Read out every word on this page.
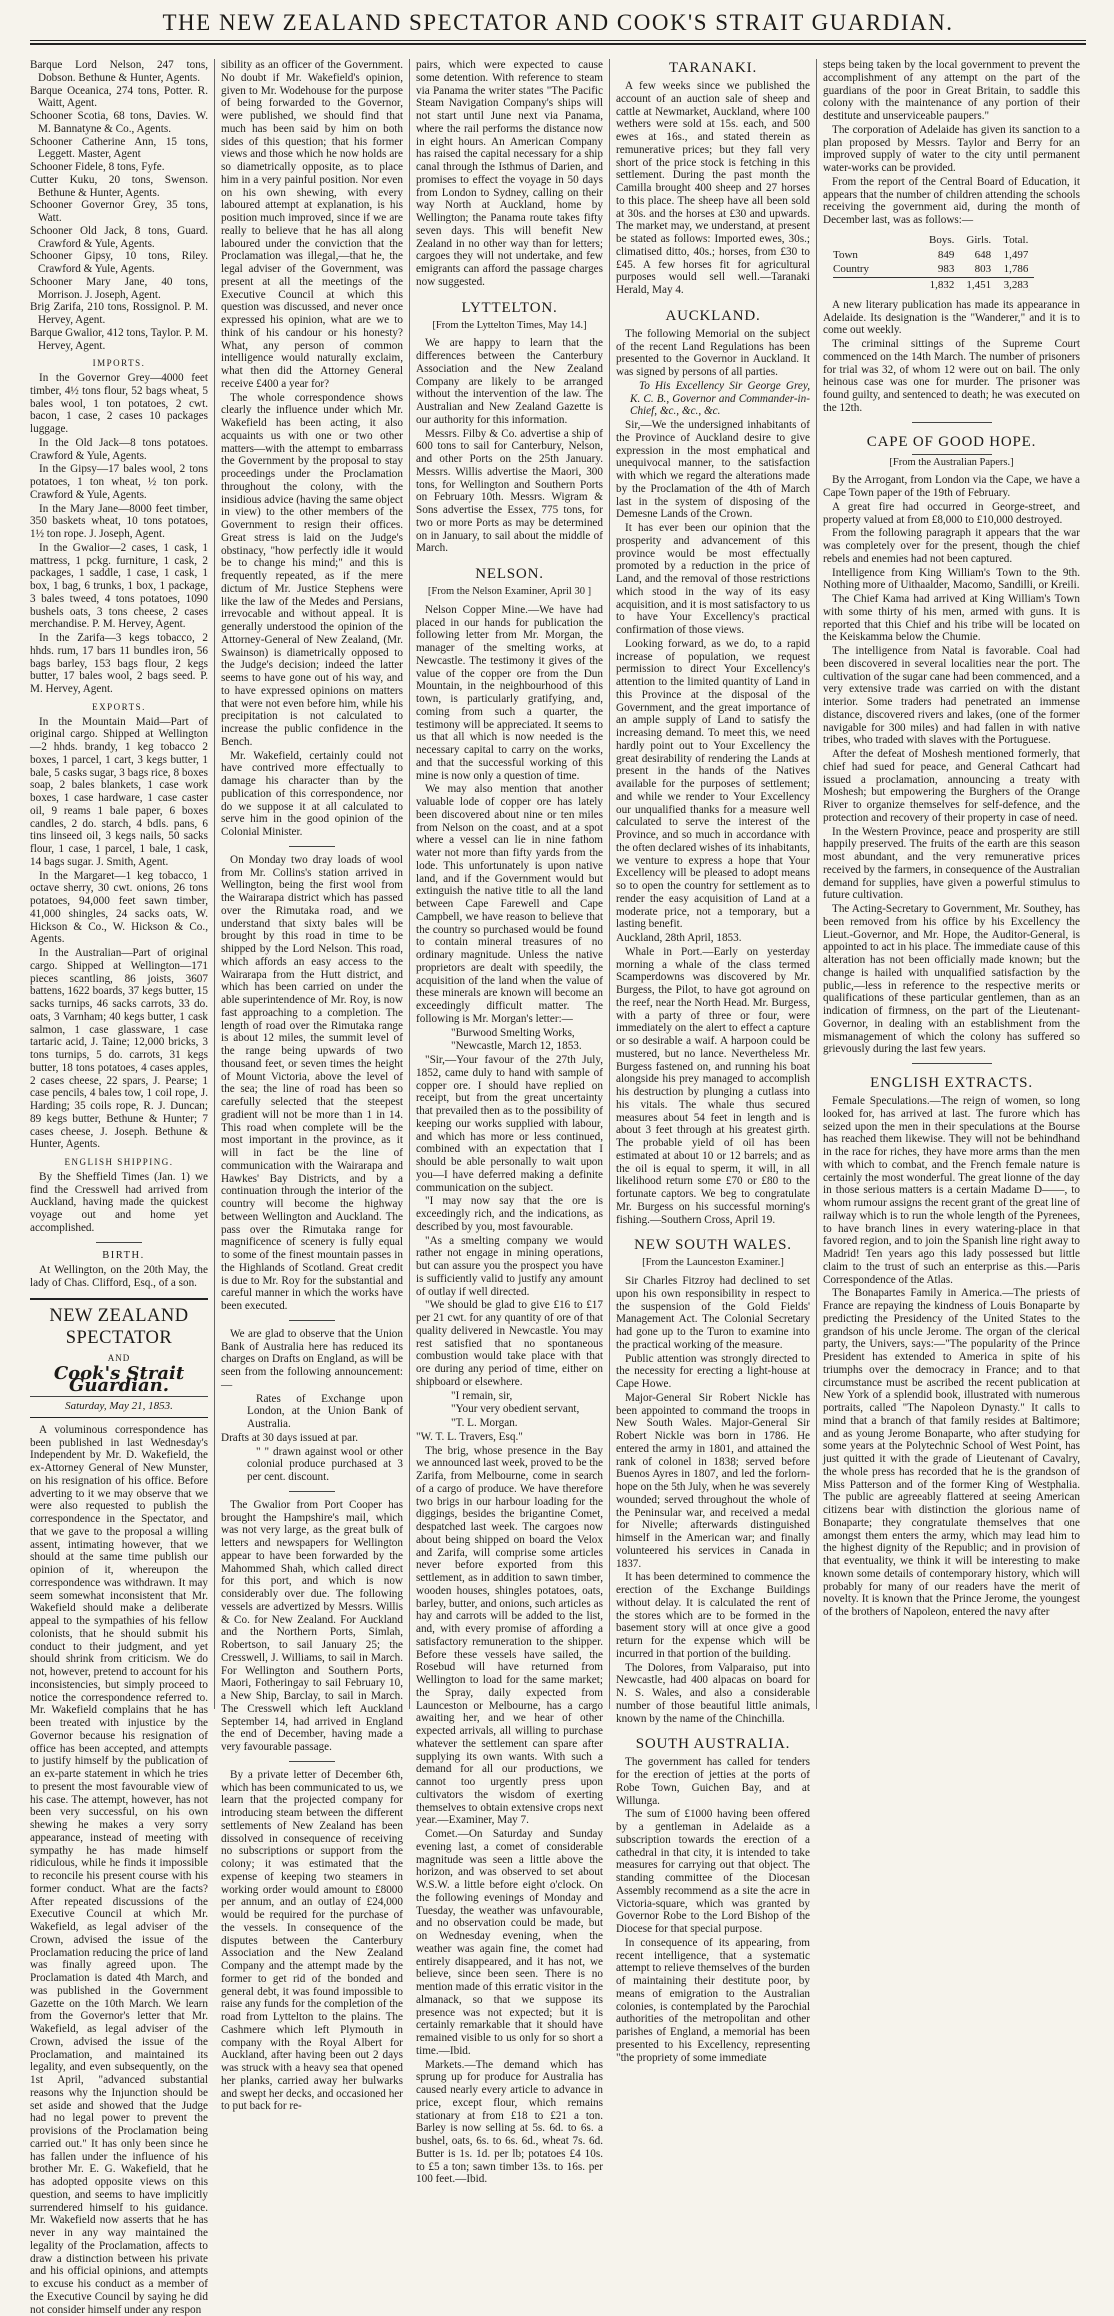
THE NEW ZEALAND SPECTATOR AND COOK'S STRAIT GUARDIAN.

Barque Lord Nelson, 247 tons, Dobson. Bethune & Hunter, Agents.

Barque Oceanica, 274 tons, Potter. R. Waitt, Agent.

Schooner Scotia, 68 tons, Davies. W. M. Bannatyne & Co., Agents.

Schooner Catherine Ann, 15 tons, Leggett. Master, Agent

Schooner Fidele, 8 tons, Fyfe.

Cutter Kuku, 20 tons, Swenson. Bethune & Hunter, Agents.

Schooner Governor Grey, 35 tons, Watt.

Schooner Old Jack, 8 tons, Guard. Crawford & Yule, Agents.

Schooner Gipsy, 10 tons, Riley. Crawford & Yule, Agents.

Schooner Mary Jane, 40 tons, Morrison. J. Joseph, Agent.

Brig Zarifa, 210 tons, Rossignol. P. M. Hervey, Agent.

Barque Gwalior, 412 tons, Taylor. P. M. Hervey, Agent.

IMPORTS.

In the Governor Grey—4000 feet timber, 4½ tons flour, 52 bags wheat, 5 bales wool, 1 ton potatoes, 2 cwt. bacon, 1 case, 2 cases 10 packages luggage.

In the Old Jack—8 tons potatoes. Crawford & Yule, Agents.

In the Gipsy—17 bales wool, 2 tons potatoes, 1 ton wheat, ½ ton pork. Crawford & Yule, Agents.

In the Mary Jane—8000 feet timber, 350 baskets wheat, 10 tons potatoes, 1½ ton rope. J. Joseph, Agent.

In the Gwalior—2 cases, 1 cask, 1 mattress, 1 pckg. furniture, 1 cask, 2 packages, 1 saddle, 1 case, 1 cask, 1 box, 1 bag, 6 trunks, 1 box, 1 package, 3 bales tweed, 4 tons potatoes, 1090 bushels oats, 3 tons cheese, 2 cases merchandise. P. M. Hervey, Agent.

In the Zarifa—3 kegs tobacco, 2 hhds. rum, 17 bars 11 bundles iron, 56 bags barley, 153 bags flour, 2 kegs butter, 17 bales wool, 2 bags seed. P. M. Hervey, Agent.

EXPORTS.

In the Mountain Maid—Part of original cargo. Shipped at Wellington—2 hhds. brandy, 1 keg tobacco 2 boxes, 1 parcel, 1 cart, 3 kegs butter, 1 bale, 5 casks sugar, 3 bags rice, 8 boxes soap, 2 bales blankets, 1 case work boxes, 1 case hardware, 1 case caster oil, 9 reams 1 bale paper, 6 boxes candles, 2 do. starch, 4 bdls. pans, 6 tins linseed oil, 3 kegs nails, 50 sacks flour, 1 case, 1 parcel, 1 bale, 1 cask, 14 bags sugar. J. Smith, Agent.

In the Margaret—1 keg tobacco, 1 octave sherry, 30 cwt. onions, 26 tons potatoes, 94,000 feet sawn timber, 41,000 shingles, 24 sacks oats, W. Hickson & Co., W. Hickson & Co., Agents.

In the Australian—Part of original cargo. Shipped at Wellington—171 pieces scantling, 86 joists, 3607 battens, 1622 boards, 37 kegs butter, 15 sacks turnips, 46 sacks carrots, 33 do. oats, 3 Varnham; 40 kegs butter, 1 cask salmon, 1 case glassware, 1 case tartaric acid, J. Taine; 12,000 bricks, 3 tons turnips, 5 do. carrots, 31 kegs butter, 18 tons potatoes, 4 cases apples, 2 cases cheese, 22 spars, J. Pearse; 1 case pencils, 4 bales tow, 1 coil rope, J. Harding; 35 coils rope, R. J. Duncan; 89 kegs butter, Bethune & Hunter; 7 cases cheese, J. Joseph. Bethune & Hunter, Agents.

ENGLISH SHIPPING.

By the Sheffield Times (Jan. 1) we find the Cresswell had arrived from Auckland, having made the quickest voyage out and home yet accomplished.

BIRTH.

At Wellington, on the 20th May, the lady of Chas. Clifford, Esq., of a son.

NEW ZEALAND SPECTATOR
AND
Cook's Strait Guardian.
Saturday, May 21, 1853.

A voluminous correspondence has been published in last Wednesday's Independent by Mr. D. Wakefield, the ex-Attorney General of New Munster, on his resignation of his office. Before adverting to it we may observe that we were also requested to publish the correspondence in the Spectator, and that we gave to the proposal a willing assent, intimating however, that we should at the same time publish our opinion of it, whereupon the correspondence was withdrawn. It may seem somewhat inconsistent that Mr. Wakefield should make a deliberate appeal to the sympathies of his fellow colonists, that he should submit his conduct to their judgment, and yet should shrink from criticism. We do not, however, pretend to account for his inconsistencies, but simply proceed to notice the correspondence referred to. Mr. Wakefield complains that he has been treated with injustice by the Governor because his resignation of office has been accepted, and attempts to justify himself by the publication of an ex-parte statement in which he tries to present the most favourable view of his case. The attempt, however, has not been very successful, on his own shewing he makes a very sorry appearance, instead of meeting with sympathy he has made himself ridiculous, while he finds it impossible to reconcile his present course with his former conduct. What are the facts? After repeated discussions of the Executive Council at which Mr. Wakefield, as legal adviser of the Crown, advised the issue of the Proclamation reducing the price of land was finally agreed upon. The Proclamation is dated 4th March, and was published in the Government Gazette on the 10th March. We learn from the Governor's letter that Mr. Wakefield, as legal adviser of the Crown, advised the issue of the Proclamation, and maintained its legality, and even subsequently, on the 1st April, "advanced substantial reasons why the Injunction should be set aside and showed that the Judge had no legal power to prevent the provisions of the Proclamation being carried out." It has only been since he has fallen under the influence of his brother Mr. E. G. Wakefield, that he has adopted opposite views on this question, and seems to have implicitly surrendered himself to his guidance. Mr. Wakefield now asserts that he has never in any way maintained the legality of the Proclamation, affects to draw a distinction between his private and his official opinions, and attempts to excuse his conduct as a member of the Executive Council by saying he did not consider himself under any respon

sibility as an officer of the Government. No doubt if Mr. Wakefield's opinion, given to Mr. Wodehouse for the purpose of being forwarded to the Governor, were published, we should find that much has been said by him on both sides of this question; that his former views and those which he now holds are so diametrically opposite, as to place him in a very painful position. Nor even on his own shewing, with every laboured attempt at explanation, is his position much improved, since if we are really to believe that he has all along laboured under the conviction that the Proclamation was illegal,—that he, the legal adviser of the Government, was present at all the meetings of the Executive Council at which this question was discussed, and never once expressed his opinion, what are we to think of his candour or his honesty? What, any person of common intelligence would naturally exclaim, what then did the Attorney General receive £400 a year for?

The whole correspondence shows clearly the influence under which Mr. Wakefield has been acting, it also acquaints us with one or two other matters—with the attempt to embarrass the Government by the proposal to stay proceedings under the Proclamation throughout the colony, with the insidious advice (having the same object in view) to the other members of the Government to resign their offices. Great stress is laid on the Judge's obstinacy, "how perfectly idle it would be to change his mind;" and this is frequently repeated, as if the mere dictum of Mr. Justice Stephens were like the law of the Medes and Persians, irrevocable and without appeal. It is generally understood the opinion of the Attorney-General of New Zealand, (Mr. Swainson) is diametrically opposed to the Judge's decision; indeed the latter seems to have gone out of his way, and to have expressed opinions on matters that were not even before him, while his precipitation is not calculated to increase the public confidence in the Bench.

Mr. Wakefield, certainly could not have contrived more effectually to damage his character than by the publication of this correspondence, nor do we suppose it at all calculated to serve him in the good opinion of the Colonial Minister.

On Monday two dray loads of wool from Mr. Collins's station arrived in Wellington, being the first wool from the Wairarapa district which has passed over the Rimutaka road, and we understand that sixty bales will be brought by this road in time to be shipped by the Lord Nelson. This road, which affords an easy access to the Wairarapa from the Hutt district, and which has been carried on under the able superintendence of Mr. Roy, is now fast approaching to a completion. The length of road over the Rimutaka range is about 12 miles, the summit level of the range being upwards of two thousand feet, or seven times the height of Mount Victoria, above the level of the sea; the line of road has been so carefully selected that the steepest gradient will not be more than 1 in 14. This road when complete will be the most important in the province, as it will in fact be the line of communication with the Wairarapa and Hawkes' Bay Districts, and by a continuation through the interior of the country will become the highway between Wellington and Auckland. The pass over the Rimutaka range for magnificence of scenery is fully equal to some of the finest mountain passes in the Highlands of Scotland. Great credit is due to Mr. Roy for the substantial and careful manner in which the works have been executed.

We are glad to observe that the Union Bank of Australia here has reduced its charges on Drafts on England, as will be seen from the following announcement:—

Rates of Exchange upon London, at the Union Bank of Australia.

Drafts at 30 days issued at par.

" " drawn against wool or other colonial produce purchased at 3 per cent. discount.

The Gwalior from Port Cooper has brought the Hampshire's mail, which was not very large, as the great bulk of letters and newspapers for Wellington appear to have been forwarded by the Mahommed Shah, which called direct for this port, and which is now considerably over due. The following vessels are advertized by Messrs. Willis & Co. for New Zealand. For Auckland and the Northern Ports, Simlah, Robertson, to sail January 25; the Cresswell, J. Williams, to sail in March. For Wellington and Southern Ports, Maori, Fotheringay to sail February 10, a New Ship, Barclay, to sail in March. The Cresswell which left Auckland September 14, had arrived in England the end of December, having made a very favourable passage.

By a private letter of December 6th, which has been communicated to us, we learn that the projected company for introducing steam between the different settlements of New Zealand has been dissolved in consequence of receiving no subscriptions or support from the colony; it was estimated that the expense of keeping two steamers in working order would amount to £8000 per annum, and an outlay of £24,000 would be required for the purchase of the vessels. In consequence of the disputes between the Canterbury Association and the New Zealand Company and the attempt made by the former to get rid of the bonded and general debt, it was found impossible to raise any funds for the completion of the road from Lyttelton to the plains. The Cashmere which left Plymouth in company with the Royal Albert for Auckland, after having been out 2 days was struck with a heavy sea that opened her planks, carried away her bulwarks and swept her decks, and occasioned her to put back for re-

pairs, which were expected to cause some detention. With reference to steam via Panama the writer states "The Pacific Steam Navigation Company's ships will not start until June next via Panama, where the rail performs the distance now in eight hours. An American Company has raised the capital necessary for a ship canal through the Isthmus of Darien, and promises to effect the voyage in 50 days from London to Sydney, calling on their way North at Auckland, home by Wellington; the Panama route takes fifty seven days. This will benefit New Zealand in no other way than for letters; cargoes they will not undertake, and few emigrants can afford the passage charges now suggested.

LYTTELTON.

[From the Lyttelton Times, May 14.]

We are happy to learn that the differences between the Canterbury Association and the New Zealand Company are likely to be arranged without the intervention of the law. The Australian and New Zealand Gazette is our authority for this information.

Messrs. Filby & Co. advertise a ship of 600 tons to sail for Canterbury, Nelson, and other Ports on the 25th January. Messrs. Willis advertise the Maori, 300 tons, for Wellington and Southern Ports on February 10th. Messrs. Wigram & Sons advertise the Essex, 775 tons, for two or more Ports as may be determined on in January, to sail about the middle of March.

NELSON.

[From the Nelson Examiner, April 30 ]

Nelson Copper Mine.—We have had placed in our hands for publication the following letter from Mr. Morgan, the manager of the smelting works, at Newcastle. The testimony it gives of the value of the copper ore from the Dun Mountain, in the neighbourhood of this town, is particularly gratifying, and, coming from such a quarter, the testimony will be appreciated. It seems to us that all which is now needed is the necessary capital to carry on the works, and that the successful working of this mine is now only a question of time.

We may also mention that another valuable lode of copper ore has lately been discovered about nine or ten miles from Nelson on the coast, and at a spot where a vessel can lie in nine fathom water not more than fifty yards from the lode. This unfortunately is upon native land, and if the Government would but extinguish the native title to all the land between Cape Farewell and Cape Campbell, we have reason to believe that the country so purchased would be found to contain mineral treasures of no ordinary magnitude. Unless the native proprietors are dealt with speedily, the acquisition of the land when the value of these minerals are known will become an exceedingly difficult matter. The following is Mr. Morgan's letter:—

"Burwood Smelting Works,

"Newcastle, March 12, 1853.

"Sir,—Your favour of the 27th July, 1852, came duly to hand with sample of copper ore. I should have replied on receipt, but from the great uncertainty that prevailed then as to the possibility of keeping our works supplied with labour, and which has more or less continued, combined with an expectation that I should be able personally to wait upon you—I have deferred making a definite communication on the subject.

"I may now say that the ore is exceedingly rich, and the indications, as described by you, most favourable.

"As a smelting company we would rather not engage in mining operations, but can assure you the prospect you have is sufficiently valid to justify any amount of outlay if well directed.

"We should be glad to give £16 to £17 per 21 cwt. for any quantity of ore of that quality delivered in Newcastle. You may rest satisfied that no spontaneous combustion would take place with that ore during any period of time, either on shipboard or elsewhere.

"I remain, sir,

"Your very obedient servant,

"T. L. Morgan.

"W. T. L. Travers, Esq."

The brig, whose presence in the Bay we announced last week, proved to be the Zarifa, from Melbourne, come in search of a cargo of produce. We have therefore two brigs in our harbour loading for the diggings, besides the brigantine Comet, despatched last week. The cargoes now about being shipped on board the Velox and Zarifa, will comprise some articles never before exported from this settlement, as in addition to sawn timber, wooden houses, shingles potatoes, oats, barley, butter, and onions, such articles as hay and carrots will be added to the list, and, with every promise of affording a satisfactory remuneration to the shipper. Before these vessels have sailed, the Rosebud will have returned from Wellington to load for the same market; the Spray, daily expected from Launceston or Melbourne, has a cargo awaiting her, and we hear of other expected arrivals, all willing to purchase whatever the settlement can spare after supplying its own wants. With such a demand for all our productions, we cannot too urgently press upon cultivators the wisdom of exerting themselves to obtain extensive crops next year.—Examiner, May 7.

Comet.—On Saturday and Sunday evening last, a comet of considerable magnitude was seen a little above the horizon, and was observed to set about W.S.W. a little before eight o'clock. On the following evenings of Monday and Tuesday, the weather was unfavourable, and no observation could be made, but on Wednesday evening, when the weather was again fine, the comet had entirely disappeared, and it has not, we believe, since been seen. There is no mention made of this erratic visitor in the almanack, so that we suppose its presence was not expected; but it is certainly remarkable that it should have remained visible to us only for so short a time.—Ibid.

Markets.—The demand which has sprung up for produce for Australia has caused nearly every article to advance in price, except flour, which remains stationary at from £18 to £21 a ton. Barley is now selling at 5s. 6d. to 6s. a bushel, oats, 6s. to 6s. 6d., wheat 7s. 6d. Butter is 1s. 1d. per lb; potatoes £4 10s. to £5 a ton; sawn timber 13s. to 16s. per 100 feet.—Ibid.

TARANAKI.

A few weeks since we published the account of an auction sale of sheep and cattle at Newmarket, Auckland, where 100 wethers were sold at 15s. each, and 500 ewes at 16s., and stated therein as remunerative prices; but they fall very short of the price stock is fetching in this settlement. During the past month the Camilla brought 400 sheep and 27 horses to this place. The sheep have all been sold at 30s. and the horses at £30 and upwards. The market may, we understand, at present be stated as follows: Imported ewes, 30s.; climatised ditto, 40s.; horses, from £30 to £45. A few horses fit for agricultural purposes would sell well.—Taranaki Herald, May 4.

AUCKLAND.

The following Memorial on the subject of the recent Land Regulations has been presented to the Governor in Auckland. It was signed by persons of all parties.

To His Excellency Sir George Grey, K. C. B., Governor and Commander-in-Chief, &c., &c., &c.

Sir,—We the undersigned inhabitants of the Province of Auckland desire to give expression in the most emphatical and unequivocal manner, to the satisfaction with which we regard the alterations made by the Proclamation of the 4th of March last in the system of disposing of the Demesne Lands of the Crown.

It has ever been our opinion that the prosperity and advancement of this province would be most effectually promoted by a reduction in the price of Land, and the removal of those restrictions which stood in the way of its easy acquisition, and it is most satisfactory to us to have Your Excellency's practical confirmation of those views.

Looking forward, as we do, to a rapid increase of population, we request permission to direct Your Excellency's attention to the limited quantity of Land in this Province at the disposal of the Government, and the great importance of an ample supply of Land to satisfy the increasing demand. To meet this, we need hardly point out to Your Excellency the great desirability of rendering the Lands at present in the hands of the Natives available for the purposes of settlement; and while we render to Your Excellency our unqualified thanks for a measure well calculated to serve the interest of the Province, and so much in accordance with the often declared wishes of its inhabitants, we venture to express a hope that Your Excellency will be pleased to adopt means so to open the country for settlement as to render the easy acquisition of Land at a moderate price, not a temporary, but a lasting benefit.

Auckland, 28th April, 1853.

Whale in Port.—Early on yesterday morning a whale of the class termed Scamperdowns was discovered by Mr. Burgess, the Pilot, to have got aground on the reef, near the North Head. Mr. Burgess, with a party of three or four, were immediately on the alert to effect a capture or so desirable a waif. A harpoon could be mustered, but no lance. Nevertheless Mr. Burgess fastened on, and running his boat alongside his prey managed to accomplish his destruction by plunging a cutlass into his vitals. The whale thus secured measures about 54 feet in length and is about 3 feet through at his greatest girth. The probable yield of oil has been estimated at about 10 or 12 barrels; and as the oil is equal to sperm, it will, in all likelihood return some £70 or £80 to the fortunate captors. We beg to congratulate Mr. Burgess on his successful morning's fishing.—Southern Cross, April 19.

NEW SOUTH WALES.

[From the Launceston Examiner.]

Sir Charles Fitzroy had declined to set upon his own responsibility in respect to the suspension of the Gold Fields' Management Act. The Colonial Secretary had gone up to the Turon to examine into the practical working of the measure.

Public attention was strongly directed to the necessity for erecting a light-house at Cape Howe.

Major-General Sir Robert Nickle has been appointed to command the troops in New South Wales. Major-General Sir Robert Nickle was born in 1786. He entered the army in 1801, and attained the rank of colonel in 1838; served before Buenos Ayres in 1807, and led the forlorn-hope on the 5th July, when he was severely wounded; served throughout the whole of the Peninsular war, and received a medal for Nivelle; afterwards distinguished himself in the American war; and finally volunteered his services in Canada in 1837.

It has been determined to commence the erection of the Exchange Buildings without delay. It is calculated the rent of the stores which are to be formed in the basement story will at once give a good return for the expense which will be incurred in that portion of the building.

The Dolores, from Valparaiso, put into Newcastle, had 400 alpacas on board for N. S. Wales, and also a considerable number of those beautiful little animals, known by the name of the Chinchilla.

SOUTH AUSTRALIA.

The government has called for tenders for the erection of jetties at the ports of Robe Town, Guichen Bay, and at Willunga.

The sum of £1000 having been offered by a gentleman in Adelaide as a subscription towards the erection of a cathedral in that city, it is intended to take measures for carrying out that object. The standing committee of the Diocesan Assembly recommend as a site the acre in Victoria-square, which was granted by Governor Robe to the Lord Bishop of the Diocese for that special purpose.

In consequence of its appearing, from recent intelligence, that a systematic attempt to relieve themselves of the burden of maintaining their destitute poor, by means of emigration to the Australian colonies, is contemplated by the Parochial authorities of the metropolitan and other parishes of England, a memorial has been presented to his Excellency, representing "the propriety of some immediate

steps being taken by the local government to prevent the accomplishment of any attempt on the part of the guardians of the poor in Great Britain, to saddle this colony with the maintenance of any portion of their destitute and unserviceable paupers."

The corporation of Adelaide has given its sanction to a plan proposed by Messrs. Taylor and Berry for an improved supply of water to the city until permanent water-works can be provided.

From the report of the Central Board of Education, it appears that the number of children attending the schools receiving the government aid, during the month of December last, was as follows:—

	Boys.	Girls.	Total.
Town	849	648	1,497
Country	983	803	1,786
	1,832	1,451	3,283

A new literary publication has made its appearance in Adelaide. Its designation is the "Wanderer," and it is to come out weekly.

The criminal sittings of the Supreme Court commenced on the 14th March. The number of prisoners for trial was 32, of whom 12 were out on bail. The only heinous case was one for murder. The prisoner was found guilty, and sentenced to death; he was executed on the 12th.

CAPE OF GOOD HOPE.

[From the Australian Papers.]

By the Arrogant, from London via the Cape, we have a Cape Town paper of the 19th of February.

A great fire had occurred in George-street, and property valued at from £8,000 to £10,000 destroyed.

From the following paragraph it appears that the war was completely over for the present, though the chief rebels and enemies had not been captured.

Intelligence from King William's Town to the 9th. Nothing more of Uithaalder, Macomo, Sandilli, or Kreili.

The Chief Kama had arrived at King William's Town with some thirty of his men, armed with guns. It is reported that this Chief and his tribe will be located on the Keiskamma below the Chumie.

The intelligence from Natal is favorable. Coal had been discovered in several localities near the port. The cultivation of the sugar cane had been commenced, and a very extensive trade was carried on with the distant interior. Some traders had penetrated an immense distance, discovered rivers and lakes, (one of the former navigable for 300 miles) and had fallen in with native tribes, who traded with slaves with the Portuguese.

After the defeat of Moshesh mentioned formerly, that chief had sued for peace, and General Cathcart had issued a proclamation, announcing a treaty with Moshesh; but empowering the Burghers of the Orange River to organize themselves for self-defence, and the protection and recovery of their property in case of need.

In the Western Province, peace and prosperity are still happily preserved. The fruits of the earth are this season most abundant, and the very remunerative prices received by the farmers, in consequence of the Australian demand for supplies, have given a powerful stimulus to future cultivation.

The Acting-Secretary to Government, Mr. Southey, has been removed from his office by his Excellency the Lieut.-Governor, and Mr. Hope, the Auditor-General, is appointed to act in his place. The immediate cause of this alteration has not been officially made known; but the change is hailed with unqualified satisfaction by the public,—less in reference to the respective merits or qualifications of these particular gentlemen, than as an indication of firmness, on the part of the Lieutenant-Governor, in dealing with an establishment from the mismanagement of which the colony has suffered so grievously during the last few years.

ENGLISH EXTRACTS.

Female Speculations.—The reign of women, so long looked for, has arrived at last. The furore which has seized upon the men in their speculations at the Bourse has reached them likewise. They will not be behindhand in the race for riches, they have more arms than the men with which to combat, and the French female nature is certainly the most wonderful. The great lionne of the day in those serious matters is a certain Madame D——, to whom rumour assigns the recent grant of the great line of railway which is to run the whole length of the Pyrenees, to have branch lines in every watering-place in that favored region, and to join the Spanish line right away to Madrid! Ten years ago this lady possessed but little claim to the trust of such an enterprise as this.—Paris Correspondence of the Atlas.

The Bonapartes Family in America.—The priests of France are repaying the kindness of Louis Bonaparte by predicting the Presidency of the United States to the grandson of his uncle Jerome. The organ of the clerical party, the Univers, says:—"The popularity of the Prince President has extended to America in spite of his triumphs over the democracy in France; and to that circumstance must be ascribed the recent publication at New York of a splendid book, illustrated with numerous portraits, called "The Napoleon Dynasty." It calls to mind that a branch of that family resides at Baltimore; and as young Jerome Bonaparte, who after studying for some years at the Polytechnic School of West Point, has just quitted it with the grade of Lieutenant of Cavalry, the whole press has recorded that he is the grandson of Miss Patterson and of the former King of Westphalia. The public are agreeably flattered at seeing American citizens bear with distinction the glorious name of Bonaparte; they congratulate themselves that one amongst them enters the army, which may lead him to the highest dignity of the Republic; and in provision of that eventuality, we think it will be interesting to make known some details of contemporary history, which will probably for many of our readers have the merit of novelty. It is known that the Prince Jerome, the youngest of the brothers of Napoleon, entered the navy after
